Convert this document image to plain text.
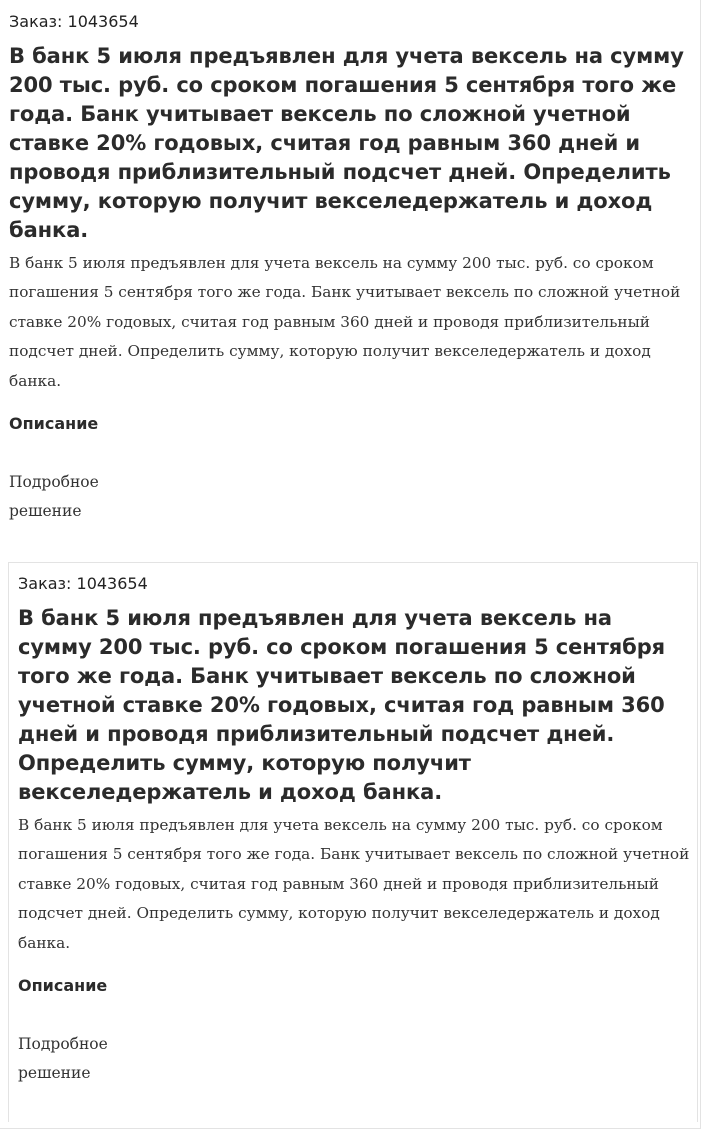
Заказ: 1043654
В банк 5 июля предъявлен для учета вексель на сумму 200 тыс. руб. со сроком погашения 5 сентября того же года. Банк учитывает вексель по сложной учетной ставке 20% годовых, считая год равным 360 дней и проводя приблизительный подсчет дней. Определить сумму, которую получит векселедержатель и доход банка.

В банк 5 июля предъявлен для учета вексель на сумму 200 тыс. руб. со сроком погашения 5 сентября того же года. Банк учитывает вексель по сложной учетной ставке 20% годовых, считая год равным 360 дней и проводя приблизительный подсчет дней. Определить сумму, которую получит векселедержатель и доход банка.

Описание
Подробное решение
Заказ: 1043654
В банк 5 июля предъявлен для учета вексель на сумму 200 тыс. руб. со сроком погашения 5 сентября того же года. Банк учитывает вексель по сложной учетной ставке 20% годовых, считая год равным 360 дней и проводя приблизительный подсчет дней. Определить сумму, которую получит векселедержатель и доход банка.

В банк 5 июля предъявлен для учета вексель на сумму 200 тыс. руб. со сроком погашения 5 сентября того же года. Банк учитывает вексель по сложной учетной ставке 20% годовых, считая год равным 360 дней и проводя приблизительный подсчет дней. Определить сумму, которую получит векселедержатель и доход банка.

Описание
Подробное решение
